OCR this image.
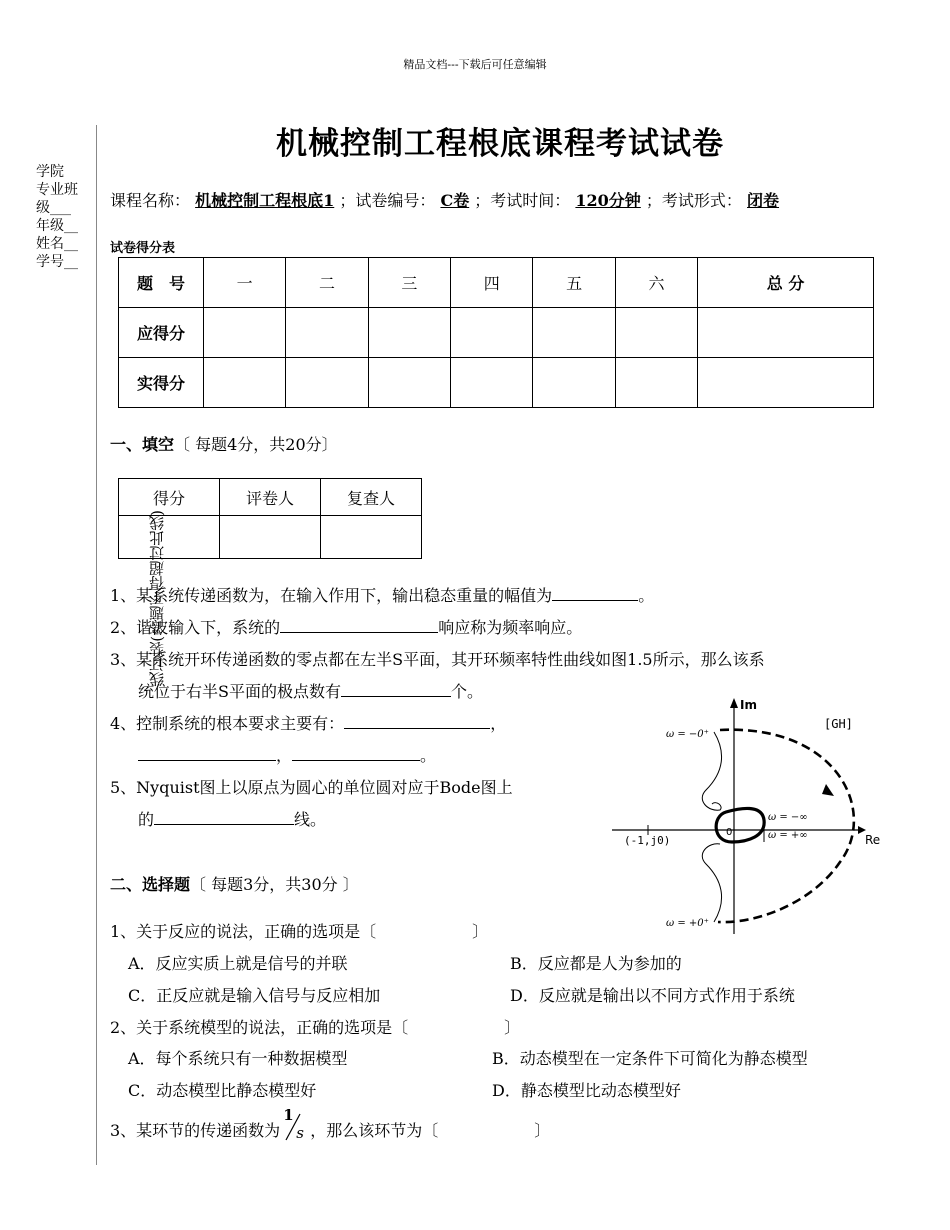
精品文档---下载后可任意编辑
机械控制工程根底课程考试试卷
学院
专业班
级___
年级__
姓名__
学号__
线订装(答题不得超过此线)
课程名称： 机械控制工程根底1 ；试卷编号： C卷 ；考试时间： 120分钟 ；考试形式： 闭卷
试卷得分表
题　号	一	二	三	四	五	六	总 分
应得分							
实得分							
一、填空〔 每题4分，共20分〕
得分	评卷人	复查人

1、某系统传递函数为，在输入作用下，输出稳态重量的幅值为	。
2、谐波输入下，系统的	响应称为频率响应。
3、某系统开环传递函数的零点都在左半S平面，其开环频率特性曲线如图1.5所示，那么该系
统位于右半S平面的极点数有	个。
4、控制系统的根本要求主要有：	，
，	。
5、Nyquist图上以原点为圆心的单位圆对应于Bode图上
的	线。
Im
Re
[GH]
(-1,j0)
0
ω = −0⁺
ω = +0⁺
ω = −∞
ω = +∞
二、选择题〔 每题3分，共30分 〕
1、关于反应的说法，正确的选项是〔　　　　　　〕
A．反应实质上就是信号的并联	B．反应都是人为参加的
C．正反应就是输入信号与反应相加	D．反应就是输出以不同方式作用于系统
2、关于系统模型的说法，正确的选项是〔　　　　　　〕
A．每个系统只有一种数据模型	B．动态模型在一定条件下可简化为静态模型
C．动态模型比静态模型好	D．静态模型比动态模型好
3、某环节的传递函数为
1
s ，那么该环节为〔　　　　　　〕
